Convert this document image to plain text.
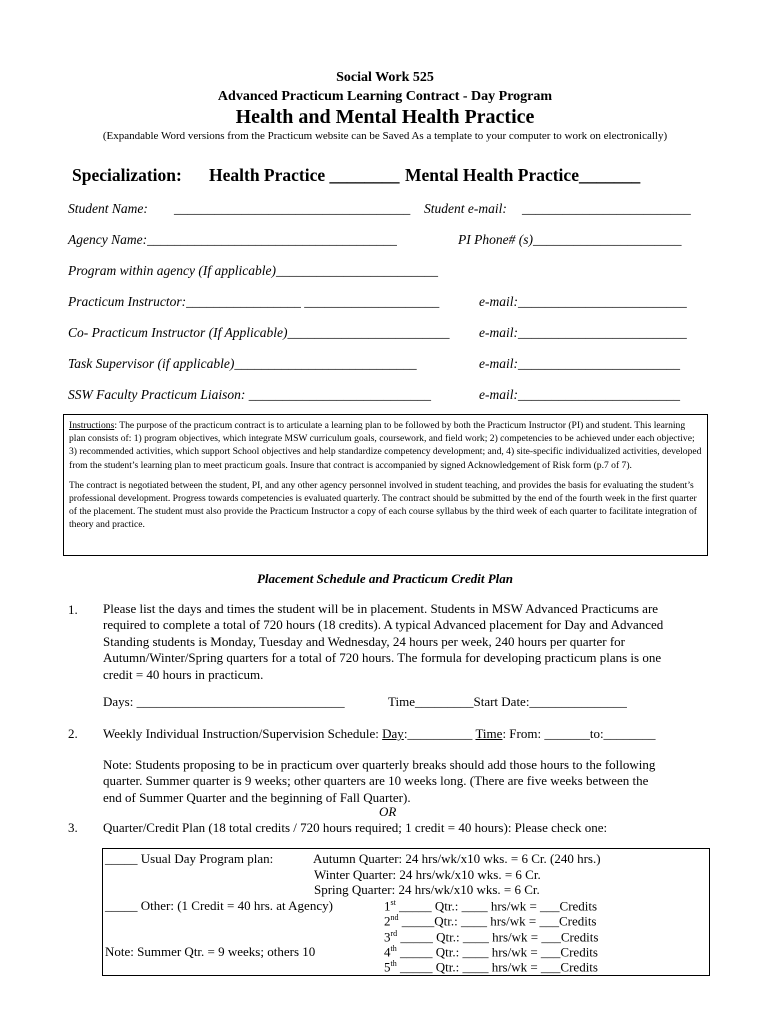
Social Work 525

Advanced Practicum Learning Contract - Day Program

Health and Mental Health Practice

(Expandable Word versions from the Practicum website can be Saved As a template to your computer to work on electronically)

Specialization: Health Practice ________ Mental Health Practice_______

Student Name: ___________________________________ Student e-mail: _________________________
Agency Name:_____________________________________	PI Phone# (s)______________________
Program within agency (If applicable)________________________
Practicum Instructor:_________________ ____________________	e-mail:_________________________
Co- Practicum Instructor (If Applicable)________________________ e-mail:_________________________
Task Supervisor (if applicable)___________________________	e-mail:________________________
SSW Faculty Practicum Liaison: ___________________________	e-mail:________________________

Instructions: The purpose of the practicum contract is to articulate a learning plan to be followed by both the Practicum Instructor (PI) and student. This learning plan consists of: 1) program objectives, which integrate MSW curriculum goals, coursework, and field work; 2) competencies to be achieved under each objective; 3) recommended activities, which support School objectives and help standardize competency development; and, 4) site-specific individualized activities, developed from the student’s learning plan to meet practicum goals. Insure that contract is accompanied by signed Acknowledgement of Risk form (p.7 of 7).

The contract is negotiated between the student, PI, and any other agency personnel involved in student teaching, and provides the basis for evaluating the student’s professional development. Progress towards competencies is evaluated quarterly. The contract should be submitted by the end of the fourth week in the first quarter of the placement. The student must also provide the Practicum Instructor a copy of each course syllabus by the third week of each quarter to facilitate integration of theory and practice.

Placement Schedule and Practicum Credit Plan

1. Please list the days and times the student will be in placement. Students in MSW Advanced Practicums are
required to complete a total of 720 hours (18 credits). A typical Advanced placement for Day and Advanced
Standing students is Monday, Tuesday and Wednesday, 24 hours per week, 240 hours per quarter for
Autumn/Winter/Spring quarters for a total of 720 hours. The formula for developing practicum plans is one
credit = 40 hours in practicum.
Days: ________________________________	Time_________Start Date:_______________
2. Weekly Individual Instruction/Supervision Schedule: Day:__________ Time: From: _______to:________
Note: Students proposing to be in practicum over quarterly breaks should add those hours to the following
quarter. Summer quarter is 9 weeks; other quarters are 10 weeks long. (There are five weeks between the
end of Summer Quarter and the beginning of Fall Quarter).
OR
3. Quarter/Credit Plan (18 total credits / 720 hours required; 1 credit = 40 hours): Please check one:
_____ Usual Day Program plan:	Autumn Quarter: 24 hrs/wk/x10 wks. = 6 Cr. (240 hrs.)
Winter Quarter: 24 hrs/wk/x10 wks. = 6 Cr.
Spring Quarter: 24 hrs/wk/x10 wks. = 6 Cr.
_____ Other: (1 Credit = 40 hrs. at Agency)
Note: Summer Qtr. = 9 weeks; others 10
1st _____ Qtr.: ____ hrs/wk = ___Credits
2nd _____Qtr.: ____ hrs/wk = ___Credits
3rd _____ Qtr.: ____ hrs/wk = ___Credits
4th _____ Qtr.: ____ hrs/wk = ___Credits
5th _____ Qtr.: ____ hrs/wk = ___Credits
